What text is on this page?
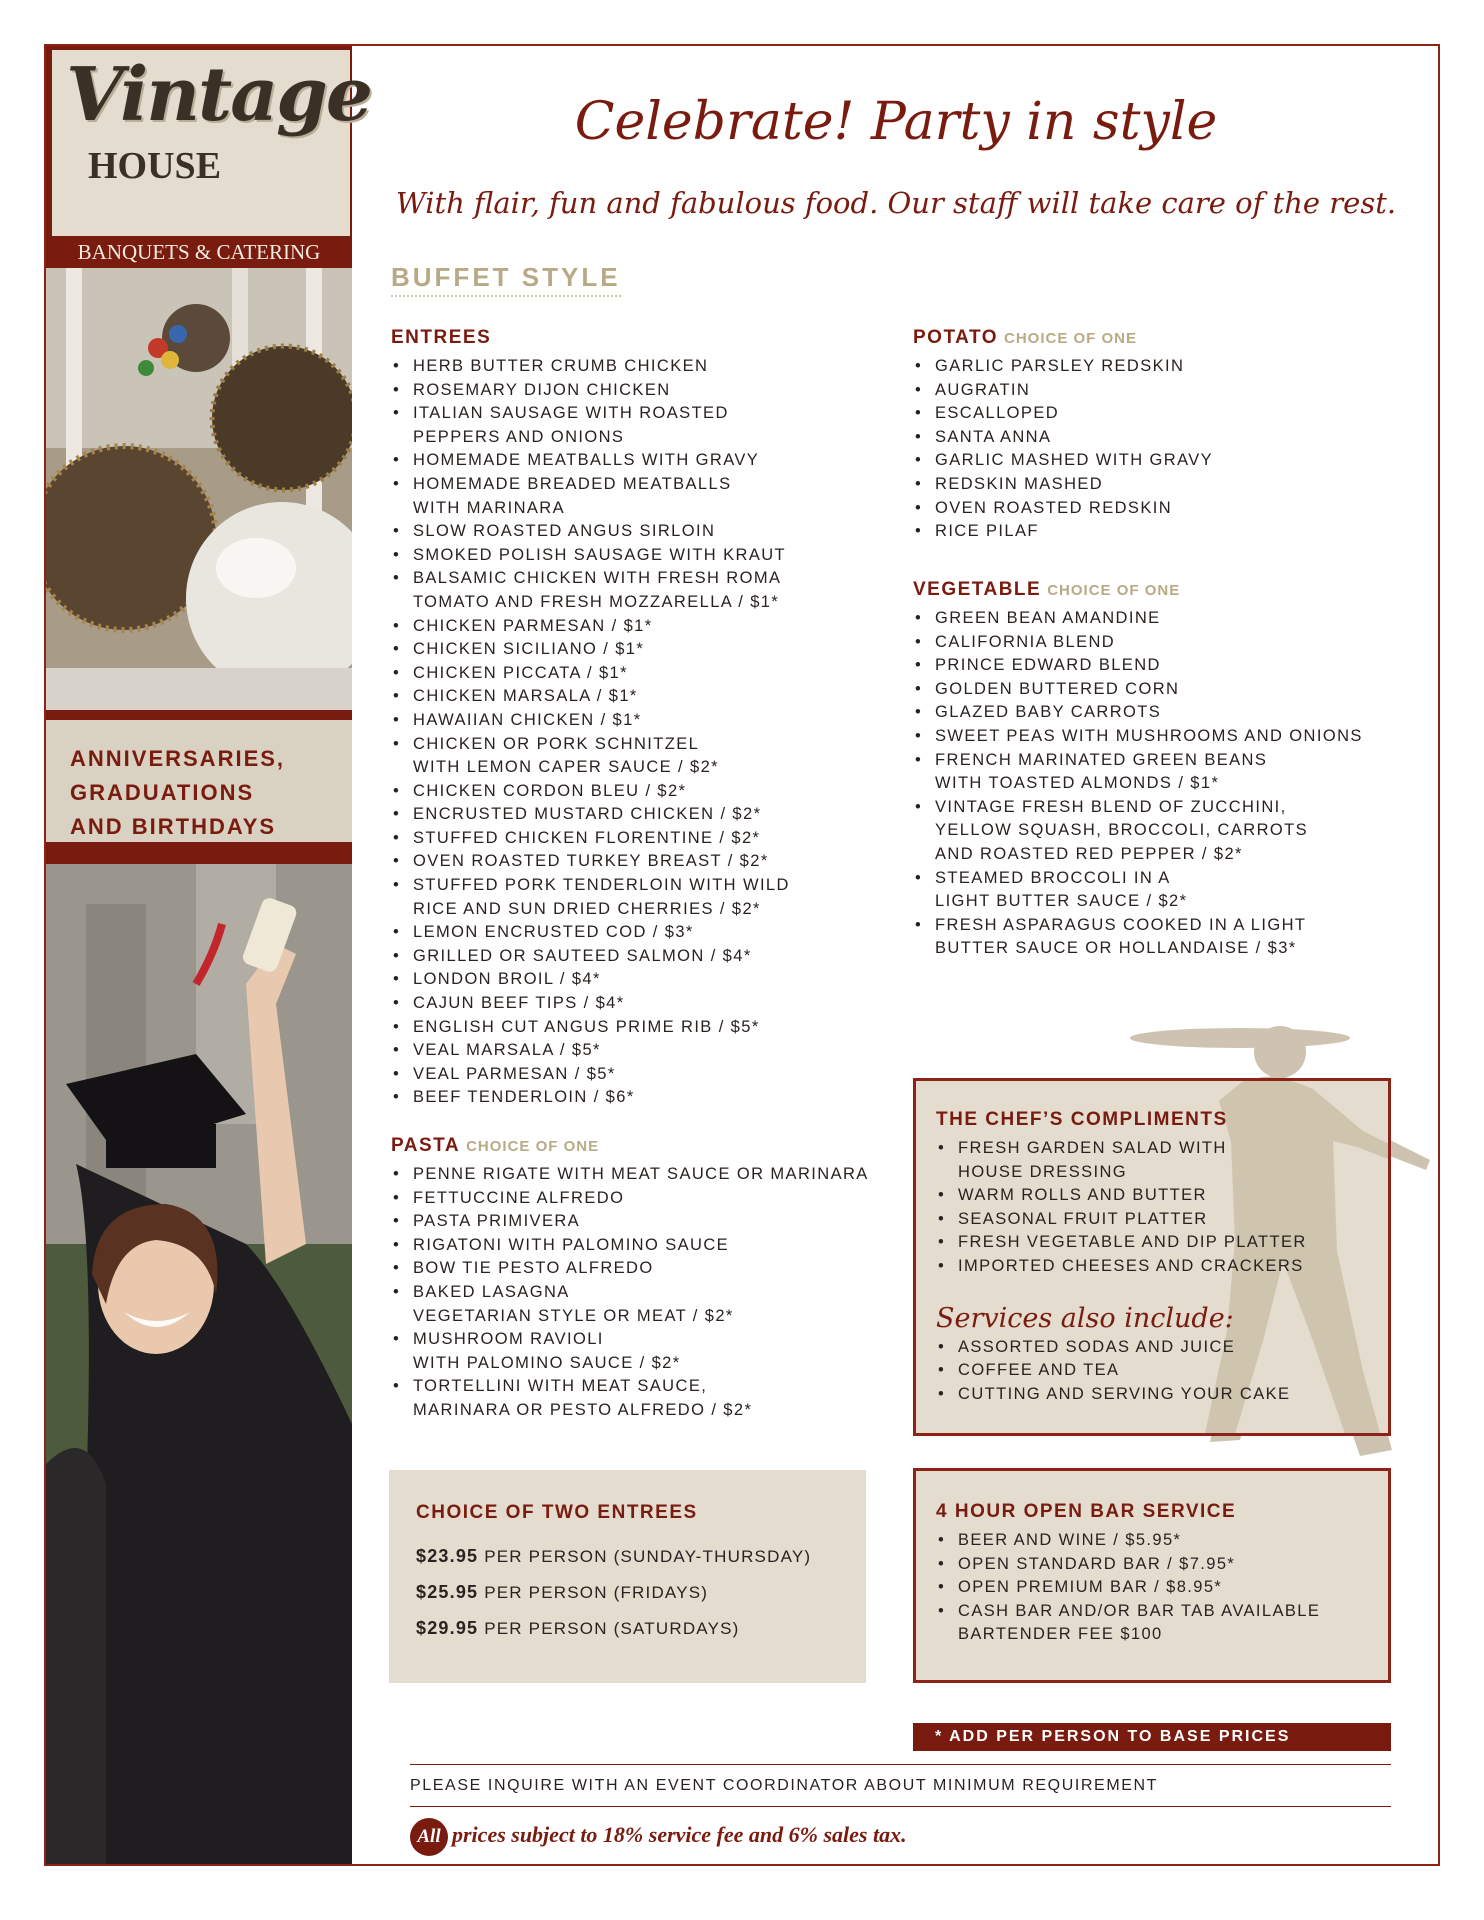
Vintage
HOUSE
BANQUETS & CATERING
ANNIVERSARIES,
GRADUATIONS
AND BIRTHDAYS
Celebrate! Party in style
With flair, fun and fabulous food. Our staff will take care of the rest.
BUFFET STYLE
ENTREES
• HERB BUTTER CRUMB CHICKEN
• ROSEMARY DIJON CHICKEN
• ITALIAN SAUSAGE WITH ROASTED
PEPPERS AND ONIONS
• HOMEMADE MEATBALLS WITH GRAVY
• HOMEMADE BREADED MEATBALLS
WITH MARINARA
• SLOW ROASTED ANGUS SIRLOIN
• SMOKED POLISH SAUSAGE WITH KRAUT
• BALSAMIC CHICKEN WITH FRESH ROMA
TOMATO AND FRESH MOZZARELLA / $1*
• CHICKEN PARMESAN / $1*
• CHICKEN SICILIANO / $1*
• CHICKEN PICCATA / $1*
• CHICKEN MARSALA / $1*
• HAWAIIAN CHICKEN / $1*
• CHICKEN OR PORK SCHNITZEL
WITH LEMON CAPER SAUCE / $2*
• CHICKEN CORDON BLEU / $2*
• ENCRUSTED MUSTARD CHICKEN / $2*
• STUFFED CHICKEN FLORENTINE / $2*
• OVEN ROASTED TURKEY BREAST / $2*
• STUFFED PORK TENDERLOIN WITH WILD
RICE AND SUN DRIED CHERRIES / $2*
• LEMON ENCRUSTED COD / $3*
• GRILLED OR SAUTEED SALMON / $4*
• LONDON BROIL / $4*
• CAJUN BEEF TIPS / $4*
• ENGLISH CUT ANGUS PRIME RIB / $5*
• VEAL MARSALA / $5*
• VEAL PARMESAN / $5*
• BEEF TENDERLOIN / $6*
PASTA CHOICE OF ONE
• PENNE RIGATE WITH MEAT SAUCE OR MARINARA
• FETTUCCINE ALFREDO
• PASTA PRIMIVERA
• RIGATONI WITH PALOMINO SAUCE
• BOW TIE PESTO ALFREDO
• BAKED LASAGNA
VEGETARIAN STYLE OR MEAT / $2*
• MUSHROOM RAVIOLI
WITH PALOMINO SAUCE / $2*
• TORTELLINI WITH MEAT SAUCE,
MARINARA OR PESTO ALFREDO / $2*
POTATO CHOICE OF ONE
• GARLIC PARSLEY REDSKIN
• AUGRATIN
• ESCALLOPED
• SANTA ANNA
• GARLIC MASHED WITH GRAVY
• REDSKIN MASHED
• OVEN ROASTED REDSKIN
• RICE PILAF
VEGETABLE CHOICE OF ONE
• GREEN BEAN AMANDINE
• CALIFORNIA BLEND
• PRINCE EDWARD BLEND
• GOLDEN BUTTERED CORN
• GLAZED BABY CARROTS
• SWEET PEAS WITH MUSHROOMS AND ONIONS
• FRENCH MARINATED GREEN BEANS
WITH TOASTED ALMONDS / $1*
• VINTAGE FRESH BLEND OF ZUCCHINI,
YELLOW SQUASH, BROCCOLI, CARROTS
AND ROASTED RED PEPPER / $2*
• STEAMED BROCCOLI IN A
LIGHT BUTTER SAUCE / $2*
• FRESH ASPARAGUS COOKED IN A LIGHT
BUTTER SAUCE OR HOLLANDAISE / $3*
THE CHEF’S COMPLIMENTS
• FRESH GARDEN SALAD WITH
HOUSE DRESSING
• WARM ROLLS AND BUTTER
• SEASONAL FRUIT PLATTER
• FRESH VEGETABLE AND DIP PLATTER
• IMPORTED CHEESES AND CRACKERS
Services also include:
• ASSORTED SODAS AND JUICE
• COFFEE AND TEA
• CUTTING AND SERVING YOUR CAKE
CHOICE OF TWO ENTREES
$23.95 PER PERSON (SUNDAY-THURSDAY)
$25.95 PER PERSON (FRIDAYS)
$29.95 PER PERSON (SATURDAYS)
4 HOUR OPEN BAR SERVICE
• BEER AND WINE / $5.95*
• OPEN STANDARD BAR / $7.95*
• OPEN PREMIUM BAR / $8.95*
• CASH BAR AND/OR BAR TAB AVAILABLE
BARTENDER FEE $100
* ADD PER PERSON TO BASE PRICES
PLEASE INQUIRE WITH AN EVENT COORDINATOR ABOUT MINIMUM REQUIREMENT
All prices subject to 18% service fee and 6% sales tax.
